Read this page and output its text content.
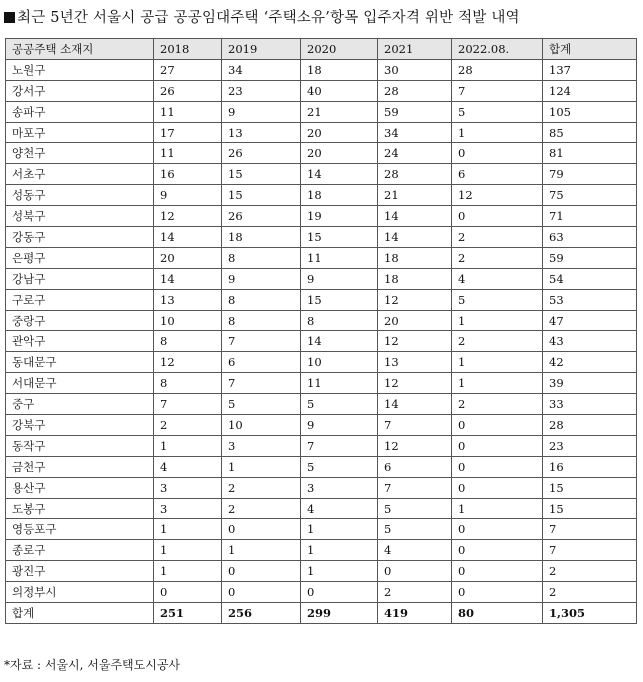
최근 5년간 서울시 공급 공공임대주택 ‘주택소유’항목 입주자격 위반 적발 내역
공공주택 소재지	2018	2019	2020	2021	2022.08.	합계
노원구	27	34	18	30	28	137
강서구	26	23	40	28	7	124
송파구	11	9	21	59	5	105
마포구	17	13	20	34	1	85
양천구	11	26	20	24	0	81
서초구	16	15	14	28	6	79
성동구	9	15	18	21	12	75
성북구	12	26	19	14	0	71
강동구	14	18	15	14	2	63
은평구	20	8	11	18	2	59
강남구	14	9	9	18	4	54
구로구	13	8	15	12	5	53
중랑구	10	8	8	20	1	47
관악구	8	7	14	12	2	43
동대문구	12	6	10	13	1	42
서대문구	8	7	11	12	1	39
중구	7	5	5	14	2	33
강북구	2	10	9	7	0	28
동작구	1	3	7	12	0	23
금천구	4	1	5	6	0	16
용산구	3	2	3	7	0	15
도봉구	3	2	4	5	1	15
영등포구	1	0	1	5	0	7
종로구	1	1	1	4	0	7
광진구	1	0	1	0	0	2
의정부시	0	0	0	2	0	2
합계	251	256	299	419	80	1,305
*자료 : 서울시, 서울주택도시공사
